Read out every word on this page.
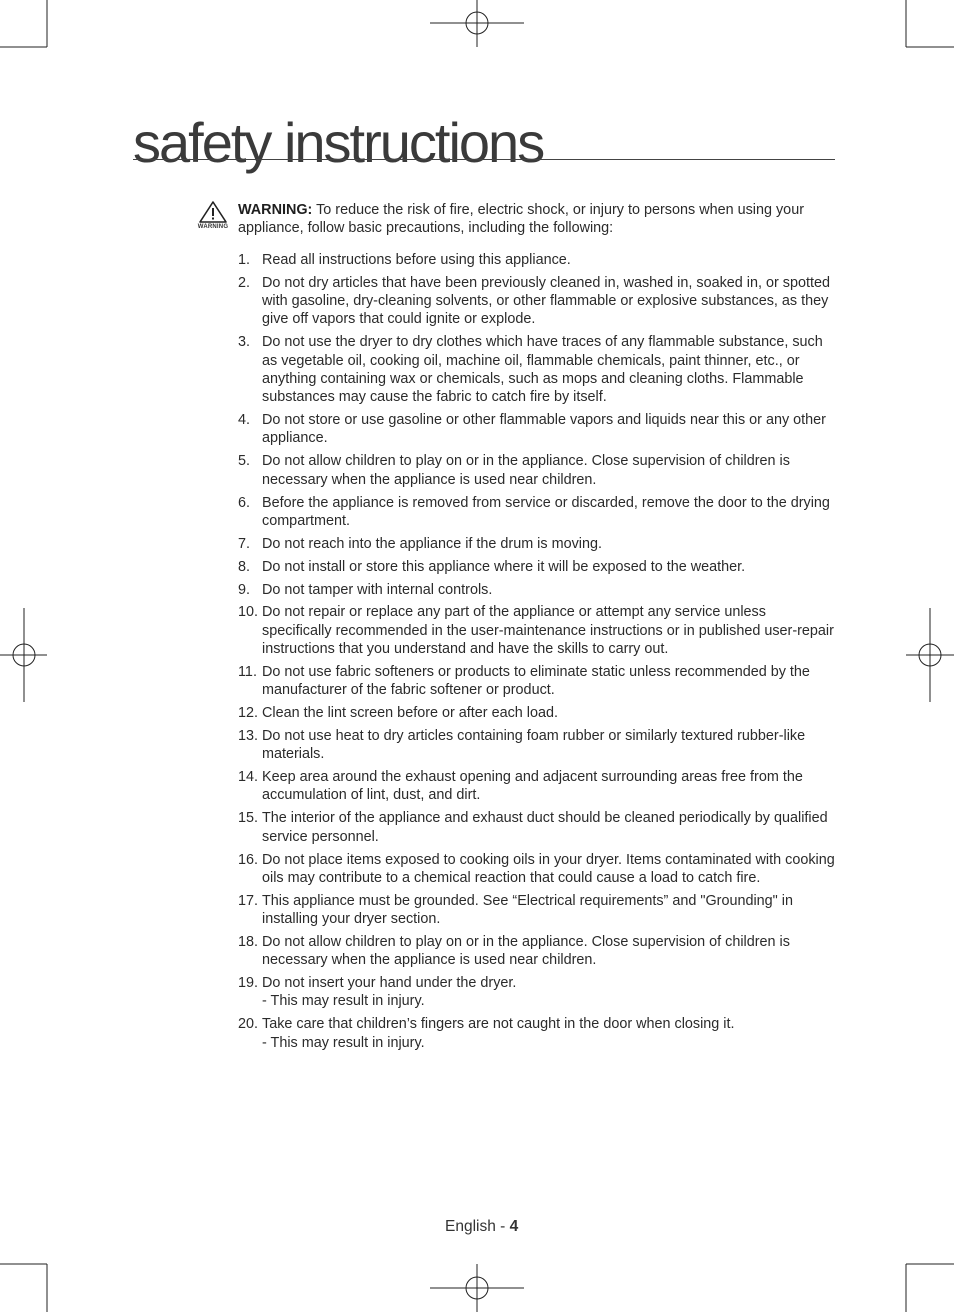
safety instructions
WARNING

WARNING: To reduce the risk of fire, electric shock, or injury to persons when using your appliance, follow basic precautions, including the following:

1. Read all instructions before using this appliance.
2. Do not dry articles that have been previously cleaned in, washed in, soaked in, or spotted with gasoline, dry-cleaning solvents, or other flammable or explosive substances, as they give off vapors that could ignite or explode.
3. Do not use the dryer to dry clothes which have traces of any flammable substance, such as vegetable oil, cooking oil, machine oil, flammable chemicals, paint thinner, etc., or anything containing wax or chemicals, such as mops and cleaning cloths. Flammable substances may cause the fabric to catch fire by itself.
4. Do not store or use gasoline or other flammable vapors and liquids near this or any other appliance.
5. Do not allow children to play on or in the appliance. Close supervision of children is necessary when the appliance is used near children.
6. Before the appliance is removed from service or discarded, remove the door to the drying compartment.
7. Do not reach into the appliance if the drum is moving.
8. Do not install or store this appliance where it will be exposed to the weather.
9. Do not tamper with internal controls.
10. Do not repair or replace any part of the appliance or attempt any service unless specifically recommended in the user-maintenance instructions or in published user-repair instructions that you understand and have the skills to carry out.
11. Do not use fabric softeners or products to eliminate static unless recommended by the manufacturer of the fabric softener or product.
12. Clean the lint screen before or after each load.
13. Do not use heat to dry articles containing foam rubber or similarly textured rubber-like materials.
14. Keep area around the exhaust opening and adjacent surrounding areas free from the accumulation of lint, dust, and dirt.
15. The interior of the appliance and exhaust duct should be cleaned periodically by qualified service personnel.
16. Do not place items exposed to cooking oils in your dryer. Items contaminated with cooking oils may contribute to a chemical reaction that could cause a load to catch fire.
17. This appliance must be grounded. See “Electrical requirements” and "Grounding" in installing your dryer section.
18. Do not allow children to play on or in the appliance. Close supervision of children is necessary when the appliance is used near children.
19. Do not insert your hand under the dryer.
- This may result in injury.
20. Take care that children’s fingers are not caught in the door when closing it.
- This may result in injury.
English - 4
